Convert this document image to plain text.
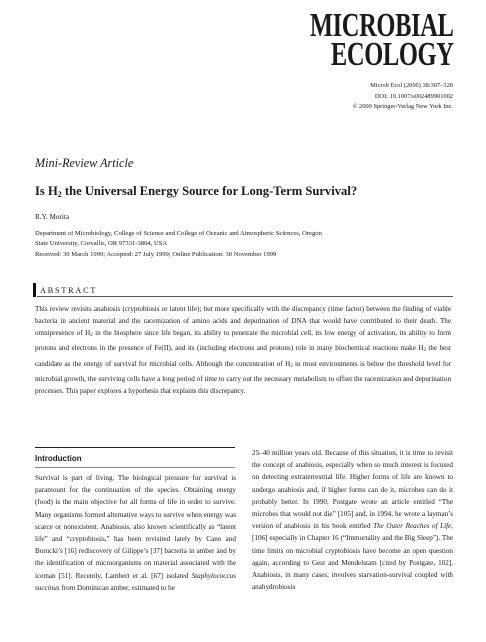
MICROBIAL
ECOLOGY
Microb Ecol (2000) 38:307–320
DOI: 10.1007/s002489901002
© 2000 Springer-Verlag New York Inc.
Mini-Review Article
Is $H_2$ the Universal Energy Source for Long-Term Survival?
R.Y. Morita
Department of Microbiology, College of Science and College of Oceanic and Atmospheric Sciences, Oregon State University, Corvallis, OR 97331-3804, USA
Received: 30 March 1999; Accepted: 27 July 1999; Online Publication: 30 November 1999
ABSTRACT
This review revisits anabiosis (cryptobiosis or latent life); but more specifically with the discrepancy (time factor) between the finding of viable bacteria in ancient material and the racemization of amino acids and depurination of DNA that would have contributed to their death. The omnipresence of $H_2$ in the biosphere since life began, its ability to penetrate the microbial cell, its low energy of activation, its ability to form protons and electrons in the presence of Fe(II), and its (including electrons and protons) role in many biochemical reactions make $H_2$ the best candidate as the energy of survival for microbial cells. Although the concentration of $H_2$ in most environments is below the threshold level for microbial growth, the surviving cells have a long period of time to carry out the necessary metabolism to offset the racemization and depurination processes. This paper explores a hypothesis that explains this discrepancy.
Introduction

Survival is part of living. The biological pressure for survival is paramount for the continuation of the species. Obtaining energy (food) is the main objective for all forms of life in order to survive. Many organisms formed alternative ways to survive when energy was scarce or nonexistent. Anabiosis, also known scientifically as “latent life” and “cryptobiosis,” has been revisited lately by Cano and Borucki’s [16] rediscovery of Gilippe’s [37] bacteria in amber and by the identification of microorganisms on material associated with the iceman [51]. Recently, Lambert et al. [67] isolated Staphylococcus succinus from Dominican amber, estimated to be

25–40 million years old. Because of this situation, it is time to revisit the concept of anabiosis, especially when so much interest is focused on detecting extraterrestrial life. Higher forms of life are known to undergo anabiosis and, if higher forms can do it, microbes can do it probably better. In 1990, Postgate wrote an article entitled “The microbes that would not die” [105] and, in 1994, he wrote a layman’s version of anabiosis in his book entitled The Outer Reaches of Life, [106] especially in Chapter 16 (“Immortality and the Big Sleep”). The time limits on microbial cryptobiosis have become an open question again, according to Gest and Mendelstam [cited by Postgate, 102]. Anabiosis, in many cases, involves starvation-survival coupled with anahydrobiosis
